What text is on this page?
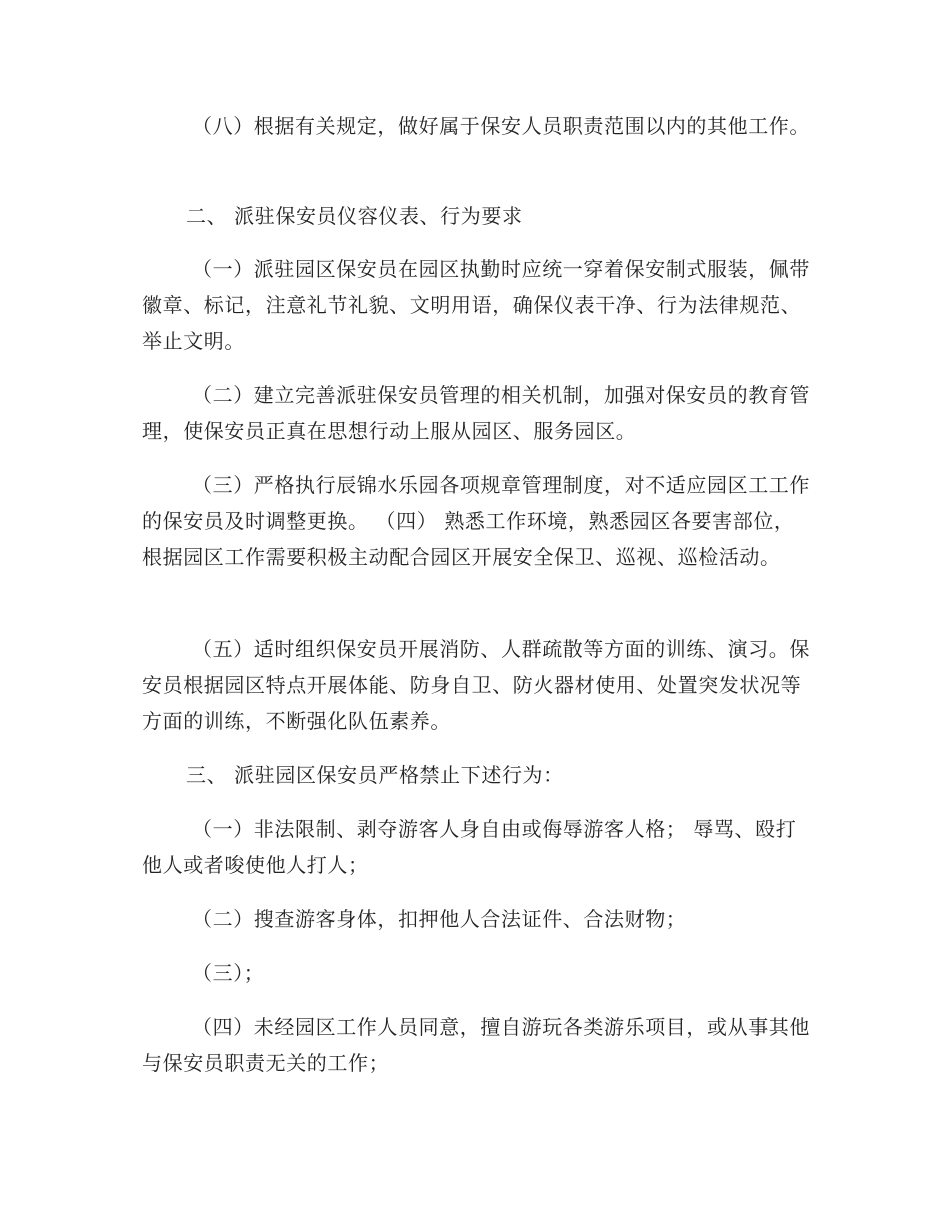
（八）根据有关规定，做好属于保安人员职责范围以内的其他工作。

二、 派驻保安员仪容仪表、行为要求

（一）派驻园区保安员在园区执勤时应统一穿着保安制式服装，佩带徽章、标记，注意礼节礼貌、文明用语，确保仪表干净、行为法律规范、举止文明。

（二）建立完善派驻保安员管理的相关机制，加强对保安员的教育管理，使保安员正真在思想行动上服从园区、服务园区。

（三）严格执行辰锦水乐园各项规章管理制度，对不适应园区工工作的保安员及时调整更换。 （四） 熟悉工作环境，熟悉园区各要害部位，根据园区工作需要积极主动配合园区开展安全保卫、巡视、巡检活动。

（五）适时组织保安员开展消防、人群疏散等方面的训练、演习。保安员根据园区特点开展体能、防身自卫、防火器材使用、处置突发状况等方面的训练，不断强化队伍素养。

三、 派驻园区保安员严格禁止下述行为：

（一）非法限制、剥夺游客人身自由或侮辱游客人格； 辱骂、殴打他人或者唆使他人打人；

（二）搜查游客身体，扣押他人合法证件、合法财物；

（三）；

（四）未经园区工作人员同意，擅自游玩各类游乐项目，或从事其他与保安员职责无关的工作；
